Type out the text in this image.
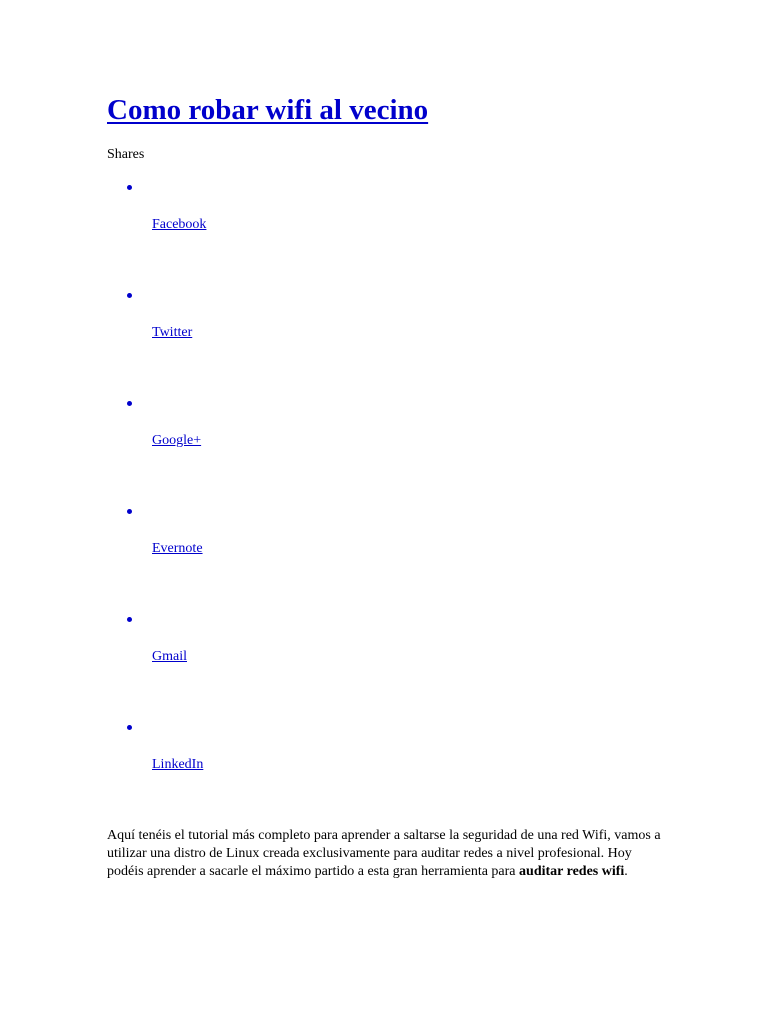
Como robar wifi al vecino
Shares
Facebook
Twitter
Google+
Evernote
Gmail
LinkedIn

Aquí tenéis el tutorial más completo para aprender a saltarse la seguridad de una red Wifi, vamos a utilizar una distro de Linux creada exclusivamente para auditar redes a nivel profesional. Hoy podéis aprender a sacarle el máximo partido a esta gran herramienta para auditar redes wifi.
